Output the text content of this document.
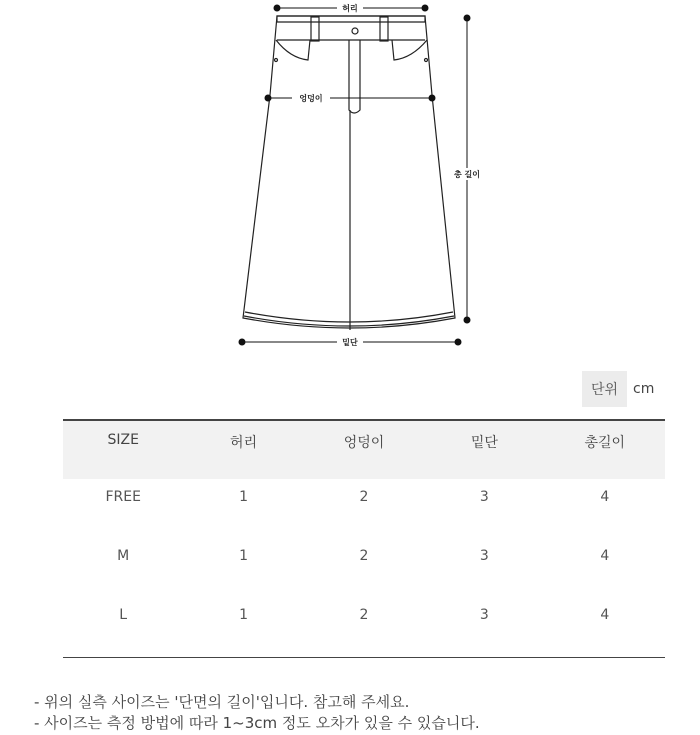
허리
엉덩이
총 길이
밑단
단위	cm
SIZE	허리	엉덩이	밑단	총길이
FREE	1	2	3	4
M	1	2	3	4
L	1	2	3	4
- 위의 실측 사이즈는 '단면의 길이'입니다. 참고해 주세요.
- 사이즈는 측정 방법에 따라 1~3cm 정도 오차가 있을 수 있습니다.
